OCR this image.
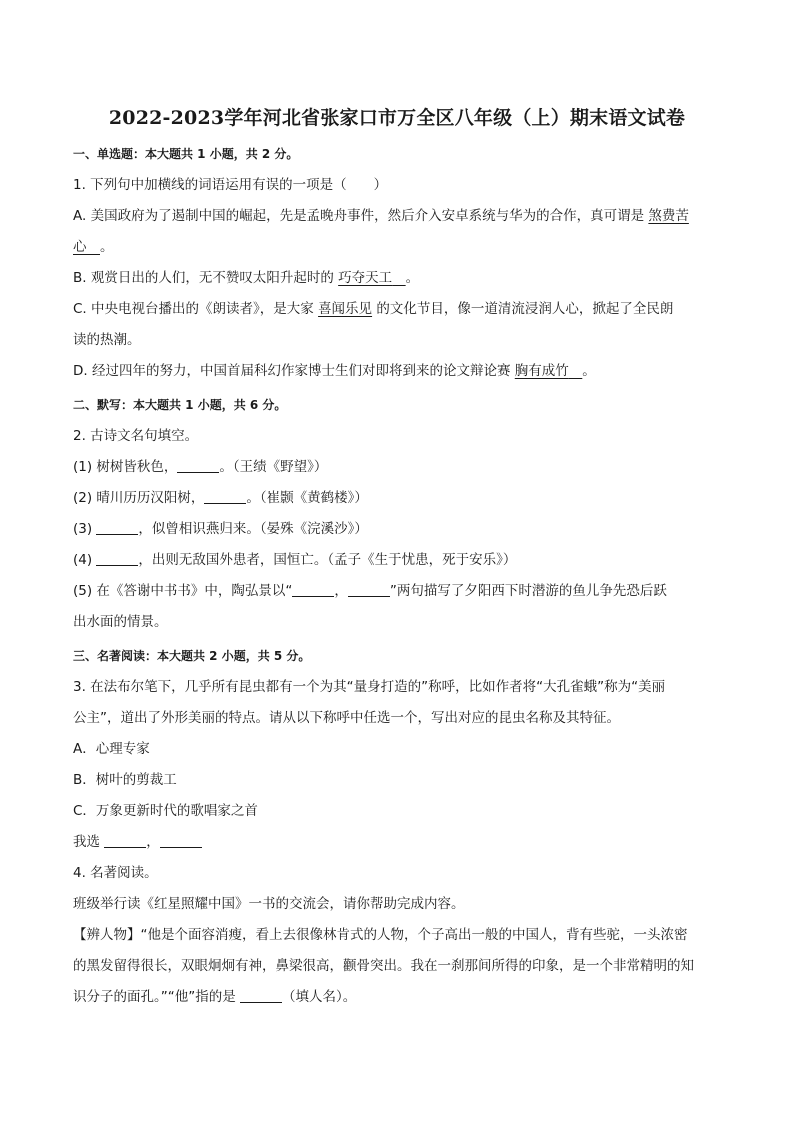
2022-2023学年河北省张家口市万全区八年级（上）期末语文试卷
一、单选题：本大题共 1 小题，共 2 分。
1. 下列句中加横线的词语运用有误的一项是（　　）
A. 美国政府为了遏制中国的崛起，先是孟晚舟事件，然后介入安卓系统与华为的合作，真可谓是 煞费苦
心　 。
B. 观赏日出的人们，无不赞叹太阳升起时的 巧夺天工　 。
C. 中央电视台播出的《朗读者》，是大家 喜闻乐见 的文化节目，像一道清流浸润人心，掀起了全民朗
读的热潮。
D. 经过四年的努力，中国首届科幻作家博士生们对即将到来的论文辩论赛 胸有成竹　 。
二、默写：本大题共 1 小题，共 6 分。
2. 古诗文名句填空。
(1) 树树皆秋色，	。（王绩《野望》）
(2) 晴川历历汉阳树，	。（崔颢《黄鹤楼》）
(3)	，似曾相识燕归来。（晏殊《浣溪沙》）
(4)	，出则无敌国外患者，国恒亡。（孟子《生于忧患，死于安乐》）
(5) 在《答谢中书书》中，陶弘景以“	，	”两句描写了夕阳西下时潜游的鱼儿争先恐后跃
出水面的情景。
三、名著阅读：本大题共 2 小题，共 5 分。
3. 在法布尔笔下，几乎所有昆虫都有一个为其“量身打造的”称呼，比如作者将“大孔雀蛾”称为“美丽
公主”，道出了外形美丽的特点。请从以下称呼中任选一个，写出对应的昆虫名称及其特征。
A．心理专家
B．树叶的剪裁工
C．万象更新时代的歌唱家之首
我选	，
4. 名著阅读。
班级举行读《红星照耀中国》一书的交流会，请你帮助完成内容。
【辨人物】“他是个面容消瘦，看上去很像林肯式的人物，个子高出一般的中国人，背有些驼，一头浓密
的黑发留得很长，双眼炯炯有神，鼻梁很高，颧骨突出。我在一刹那间所得的印象，是一个非常精明的知
识分子的面孔。”“他”指的是	（填人名）。
